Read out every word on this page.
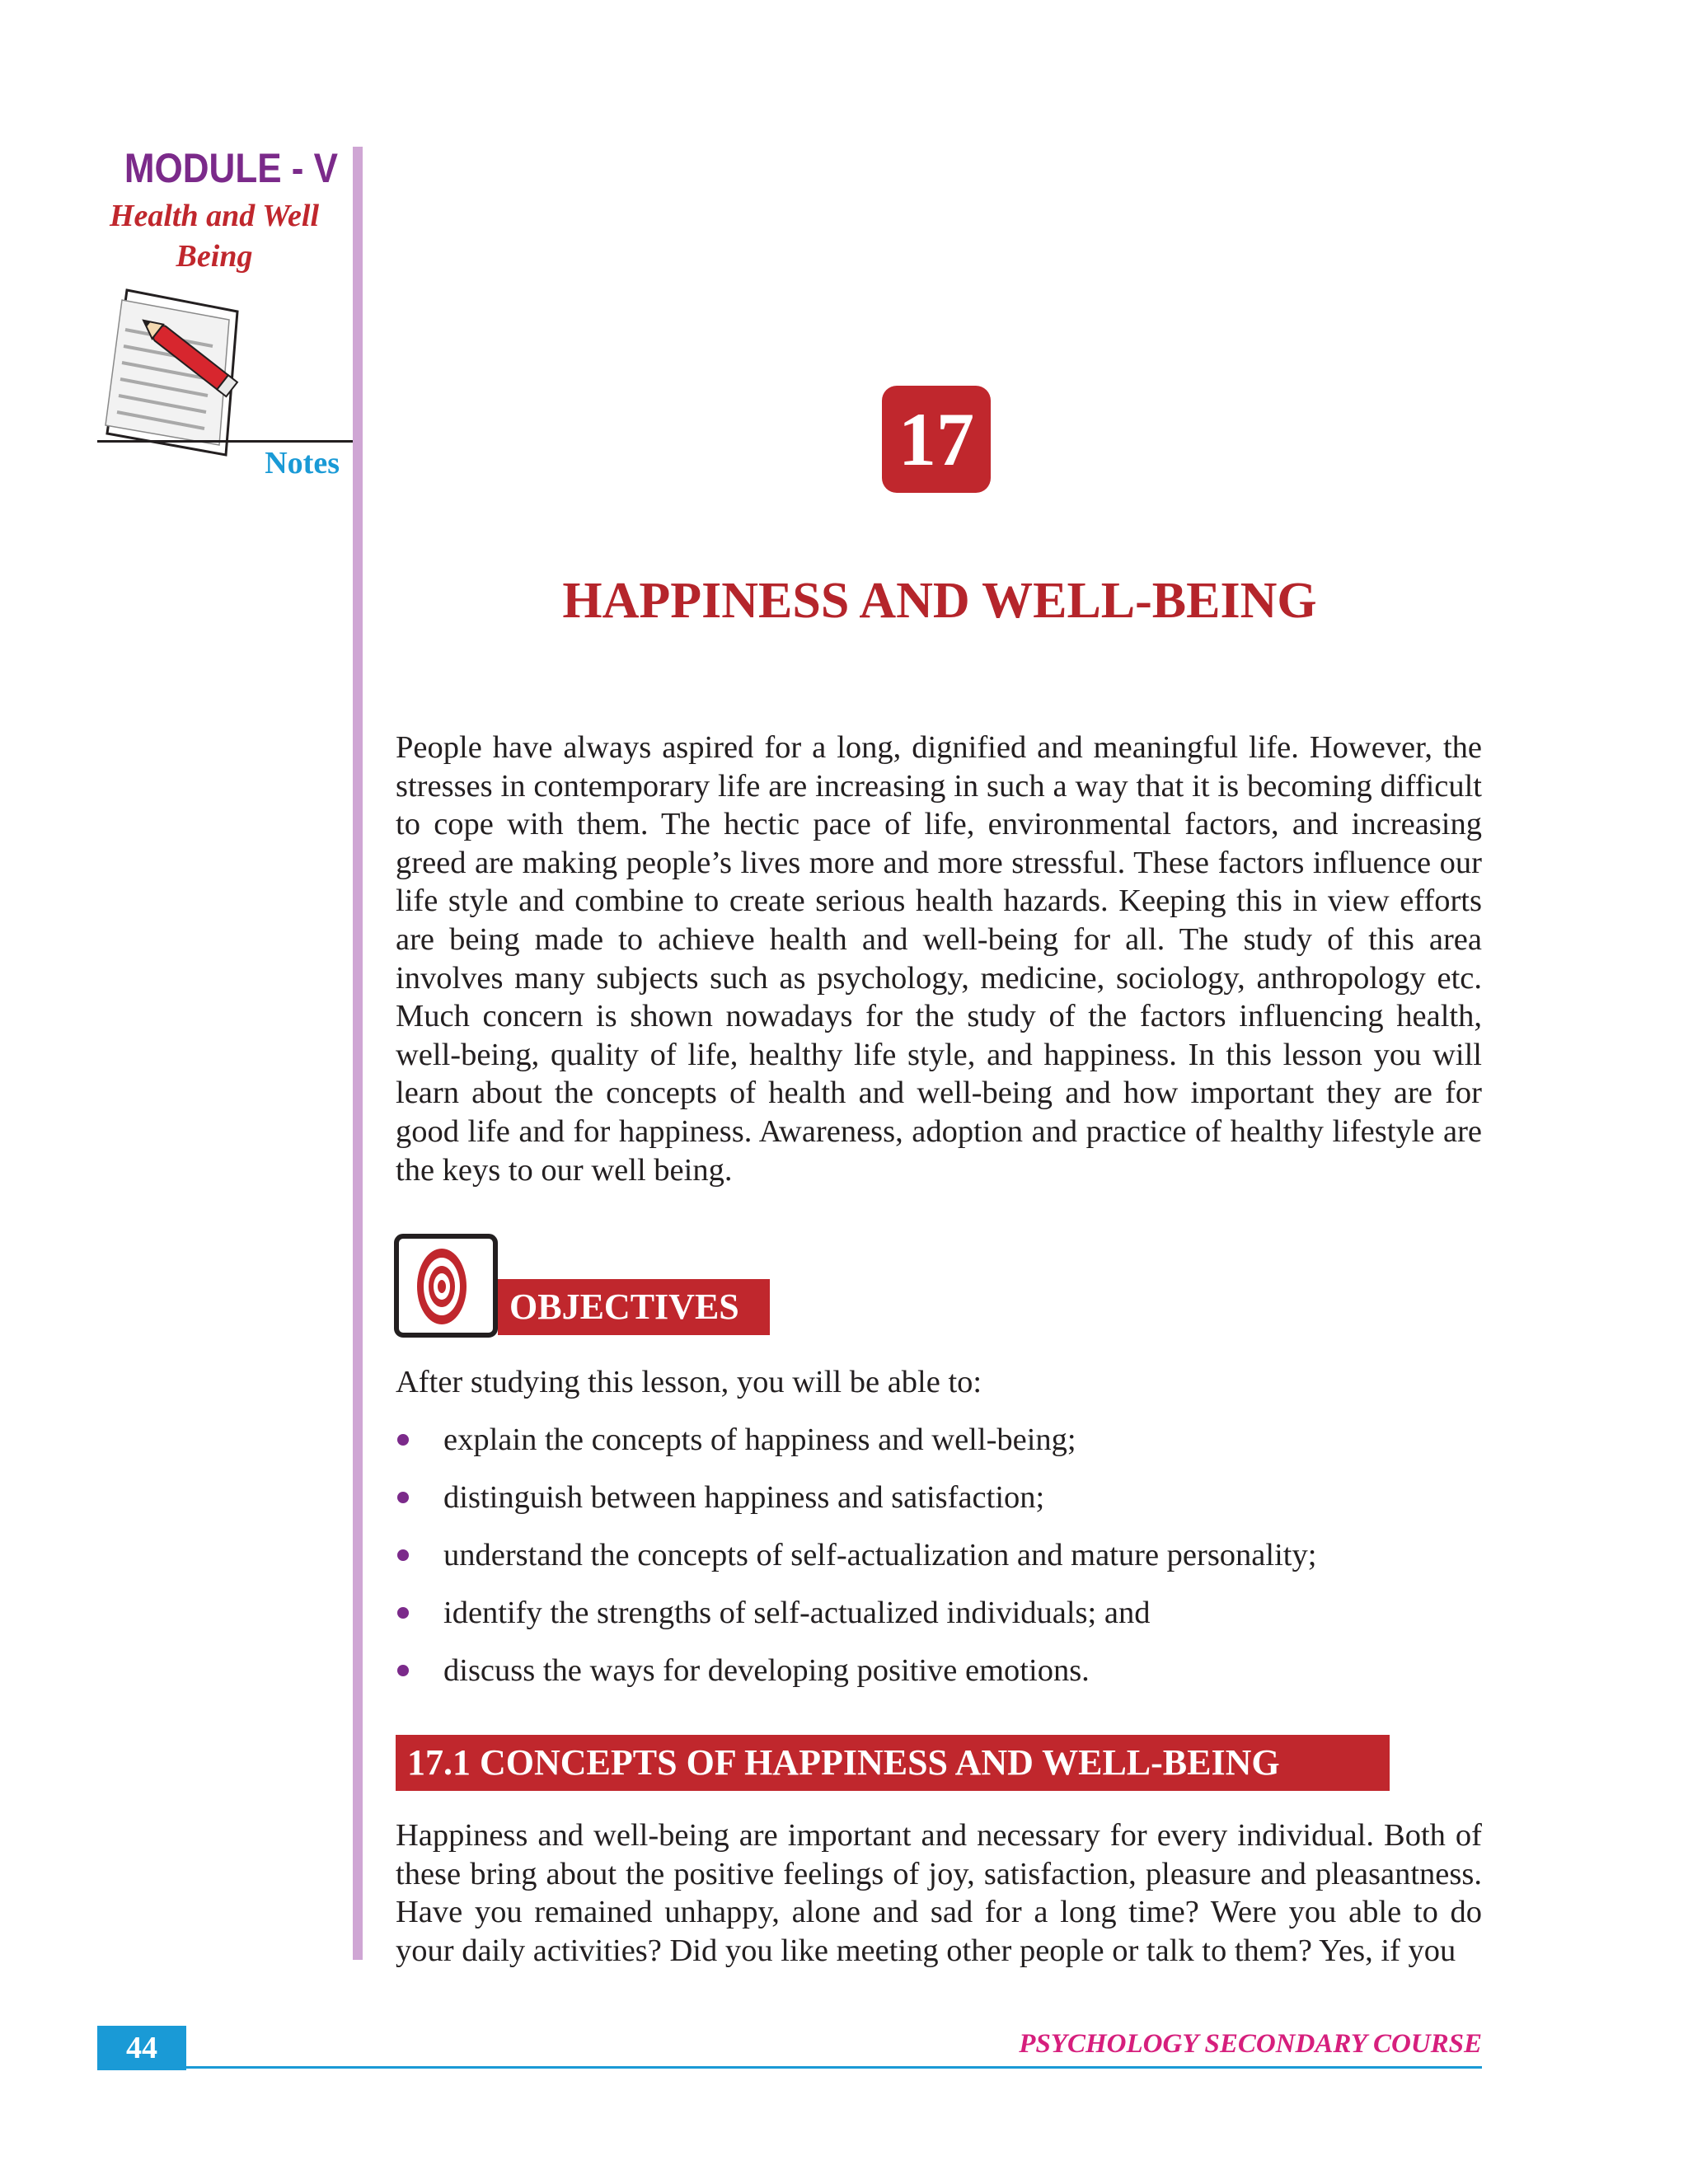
MODULE - V
Health and Well
Being
Notes	17
HAPPINESS AND WELL-BEING
People have always aspired for a long, dignified and meaningful life. However, the stresses in contemporary life are increasing in such a way that it is becoming difficult to cope with them. The hectic pace of life, environmental factors, and increasing greed are making people’s lives more and more stressful. These factors influence our life style and combine to create serious health hazards. Keeping this in view efforts are being made to achieve health and well-being for all. The study of this area involves many subjects such as psychology, medicine, sociology, anthropology etc. Much concern is shown nowadays for the study of the factors influencing health, well-being, quality of life, healthy life style, and happiness. In this lesson you will learn about the concepts of health and well-being and how important they are for good life and for happiness. Awareness, adoption and practice of healthy lifestyle are the keys to our well being.
OBJECTIVES
After studying this lesson, you will be able to:
explain the concepts of happiness and well-being;
distinguish between happiness and satisfaction;
understand the concepts of self-actualization and mature personality;
identify the strengths of self-actualized individuals; and
discuss the ways for developing positive emotions.
17.1 CONCEPTS OF HAPPINESS AND WELL-BEING
Happiness and well-being are important and necessary for every individual. Both of these bring about the positive feelings of joy, satisfaction, pleasure and pleasantness. Have you remained unhappy, alone and sad for a long time? Were you able to do your daily activities? Did you like meeting other people or talk to them? Yes, if you
44	PSYCHOLOGY SECONDARY COURSE
